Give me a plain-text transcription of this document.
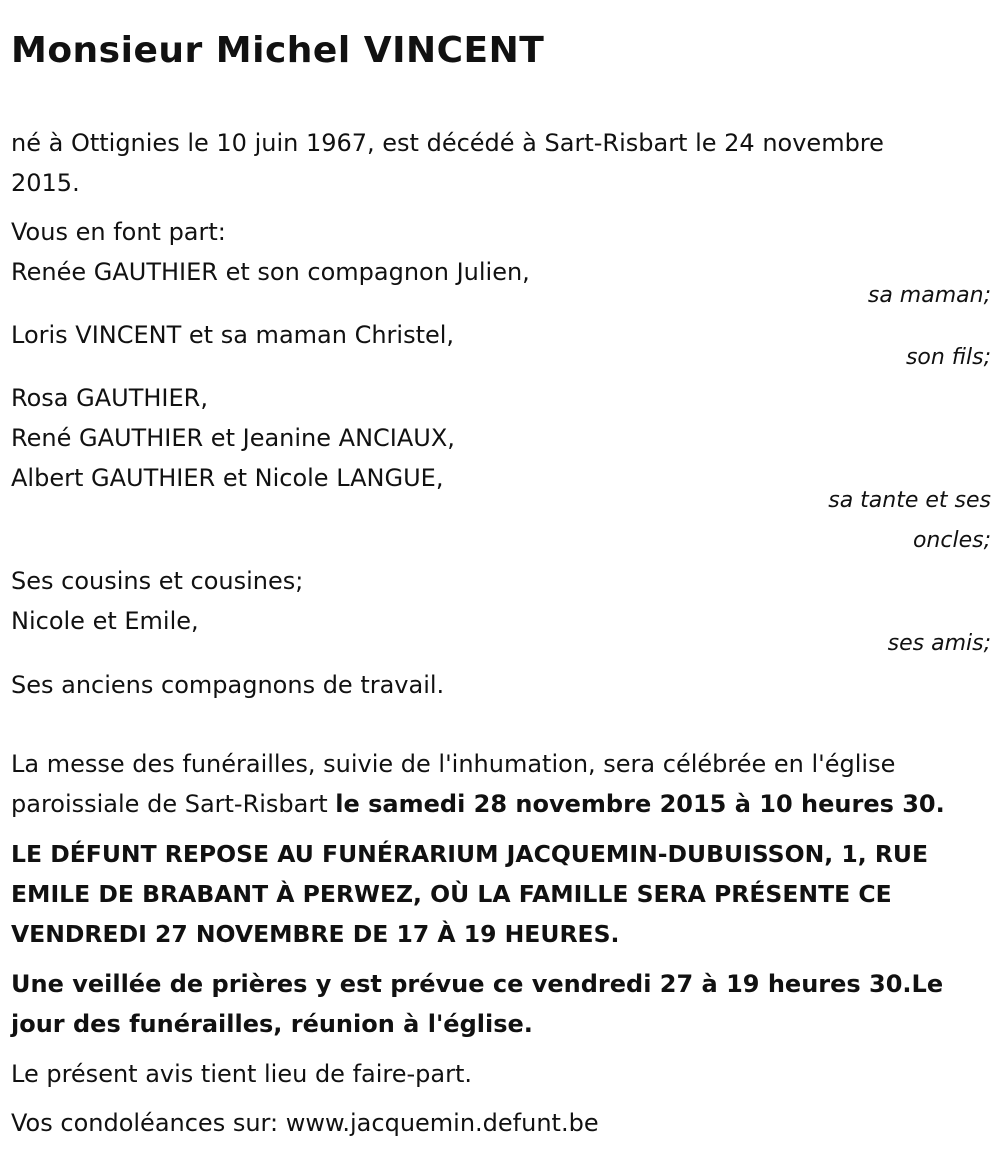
Monsieur Michel VINCENT

né à Ottignies le 10 juin 1967, est décédé à Sart-Risbart le 24 novembre

2015.

Vous en font part:

Renée GAUTHIER et son compagnon Julien,

sa maman;

Loris VINCENT et sa maman Christel,

son fils;

Rosa GAUTHIER,

René GAUTHIER et Jeanine ANCIAUX,

Albert GAUTHIER et Nicole LANGUE,

sa tante et ses

oncles;

Ses cousins et cousines;

Nicole et Emile,

ses amis;

Ses anciens compagnons de travail.

La messe des funérailles, suivie de l'inhumation, sera célébrée en l'église

paroissiale de Sart-Risbart le samedi 28 novembre 2015 à 10 heures 30.

LE DÉFUNT REPOSE AU FUNÉRARIUM JACQUEMIN-DUBUISSON, 1, RUE

EMILE DE BRABANT À PERWEZ, OÙ LA FAMILLE SERA PRÉSENTE CE

VENDREDI 27 NOVEMBRE DE 17 À 19 HEURES.

Une veillée de prières y est prévue ce vendredi 27 à 19 heures 30.Le

jour des funérailles, réunion à l'église.

Le présent avis tient lieu de faire-part.

Vos condoléances sur: www.jacquemin.defunt.be
